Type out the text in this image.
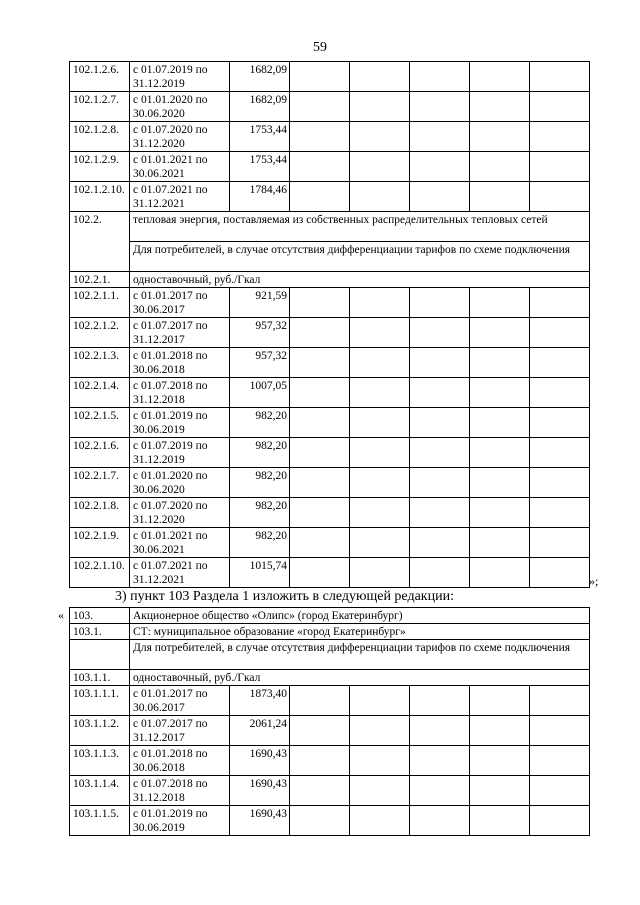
59
102.1.2.6.	с 01.07.2019 по 31.12.2019	1682,09					
102.1.2.7.	с 01.01.2020 по 30.06.2020	1682,09					
102.1.2.8.	с 01.07.2020 по 31.12.2020	1753,44					
102.1.2.9.	с 01.01.2021 по 30.06.2021	1753,44					
102.1.2.10.	с 01.07.2021 по 31.12.2021	1784,46					
102.2.	тепловая энергия, поставляемая из собственных распределительных тепловых сетей						
	Для потребителей, в случае отсутствия дифференциации тарифов по схеме подключения						
102.2.1.	одноставочный, руб./Гкал						
102.2.1.1.	с 01.01.2017 по 30.06.2017	921,59					
102.2.1.2.	с 01.07.2017 по 31.12.2017	957,32					
102.2.1.3.	с 01.01.2018 по 30.06.2018	957,32					
102.2.1.4.	с 01.07.2018 по 31.12.2018	1007,05					
102.2.1.5.	с 01.01.2019 по 30.06.2019	982,20					
102.2.1.6.	с 01.07.2019 по 31.12.2019	982,20					
102.2.1.7.	с 01.01.2020 по 30.06.2020	982,20					
102.2.1.8.	с 01.07.2020 по 31.12.2020	982,20					
102.2.1.9.	с 01.01.2021 по 30.06.2021	982,20					
102.2.1.10.	с 01.07.2021 по 31.12.2021	1015,74					
»;
3) пункт 103 Раздела 1 изложить в следующей редакции:
« 103.	Акционерное общество «Олипс» (город Екатеринбург)						
103.1.	СТ: муниципальное образование «город Екатеринбург»						
	Для потребителей, в случае отсутствия дифференциации тарифов по схеме подключения						
103.1.1.	одноставочный, руб./Гкал						
103.1.1.1.	с 01.01.2017 по 30.06.2017	1873,40					
103.1.1.2.	с 01.07.2017 по 31.12.2017	2061,24					
103.1.1.3.	с 01.01.2018 по 30.06.2018	1690,43					
103.1.1.4.	с 01.07.2018 по 31.12.2018	1690,43					
103.1.1.5.	с 01.01.2019 по 30.06.2019	1690,43					
